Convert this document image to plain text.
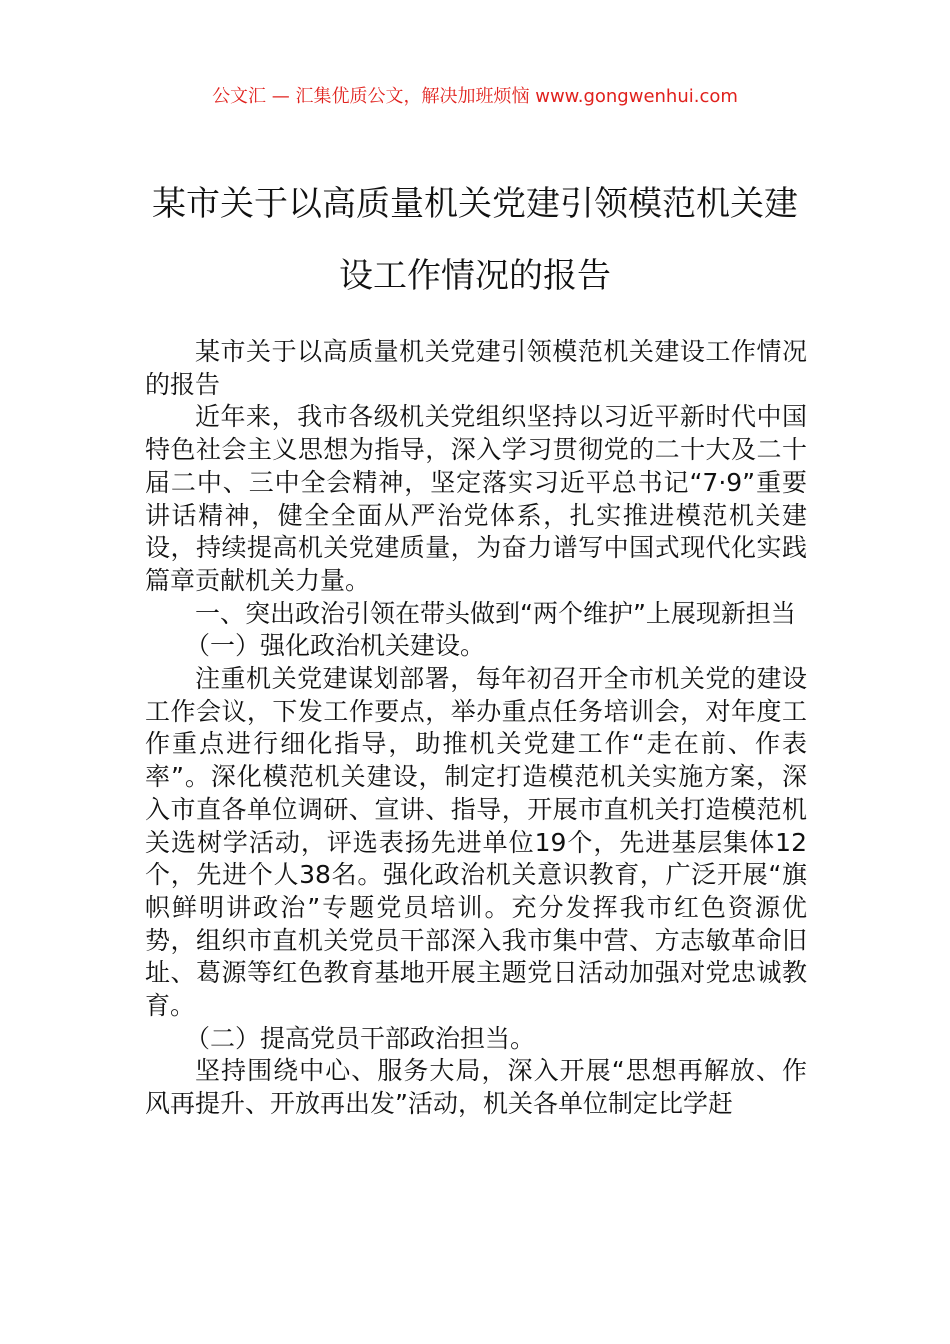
公文汇 — 汇集优质公文，解决加班烦恼 www.gongwenhui.com
某市关于以高质量机关党建引领模范机关建设工作情况的报告

某市关于以高质量机关党建引领模范机关建设工作情况的报告

近年来，我市各级机关党组织坚持以习近平新时代中国特色社会主义思想为指导，深入学习贯彻党的二十大及二十届二中、三中全会精神，坚定落实习近平总书记“7·9”重要讲话精神，健全全面从严治党体系，扎实推进模范机关建设，持续提高机关党建质量，为奋力谱写中国式现代化实践篇章贡献机关力量。

一、突出政治引领在带头做到“两个维护”上展现新担当

（一）强化政治机关建设。

注重机关党建谋划部署，每年初召开全市机关党的建设工作会议，下发工作要点，举办重点任务培训会，对年度工作重点进行细化指导，助推机关党建工作“走在前、作表率”。深化模范机关建设，制定打造模范机关实施方案，深入市直各单位调研、宣讲、指导，开展市直机关打造模范机关选树学活动，评选表扬先进单位19个，先进基层集体12个，先进个人38名。强化政治机关意识教育，广泛开展“旗帜鲜明讲政治”专题党员培训。充分发挥我市红色资源优势，组织市直机关党员干部深入我市集中营、方志敏革命旧址、葛源等红色教育基地开展主题党日活动加强对党忠诚教育。

（二）提高党员干部政治担当。

坚持围绕中心、服务大局，深入开展“思想再解放、作风再提升、开放再出发”活动，机关各单位制定比学赶
